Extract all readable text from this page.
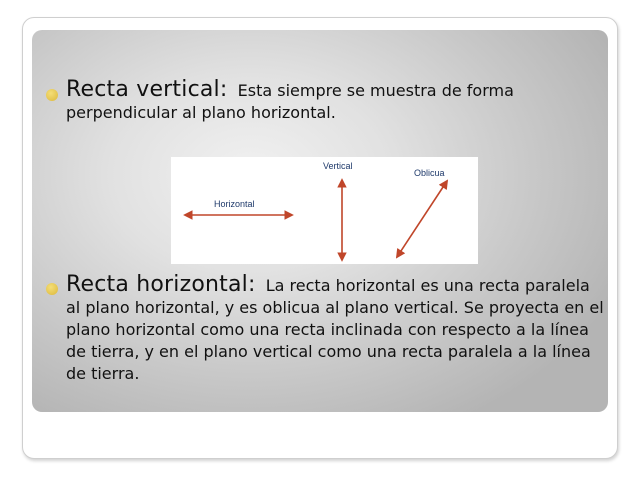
Recta vertical: Esta siempre se muestra de forma perpendicular al plano horizontal.

Horizontal
Vertical
Oblicua

Recta horizontal: La recta horizontal es una recta paralela al plano horizontal, y es oblicua al plano vertical. Se proyecta en el plano horizontal como una recta inclinada con respecto a la línea de tierra, y en el plano vertical como una recta paralela a la línea de tierra.
